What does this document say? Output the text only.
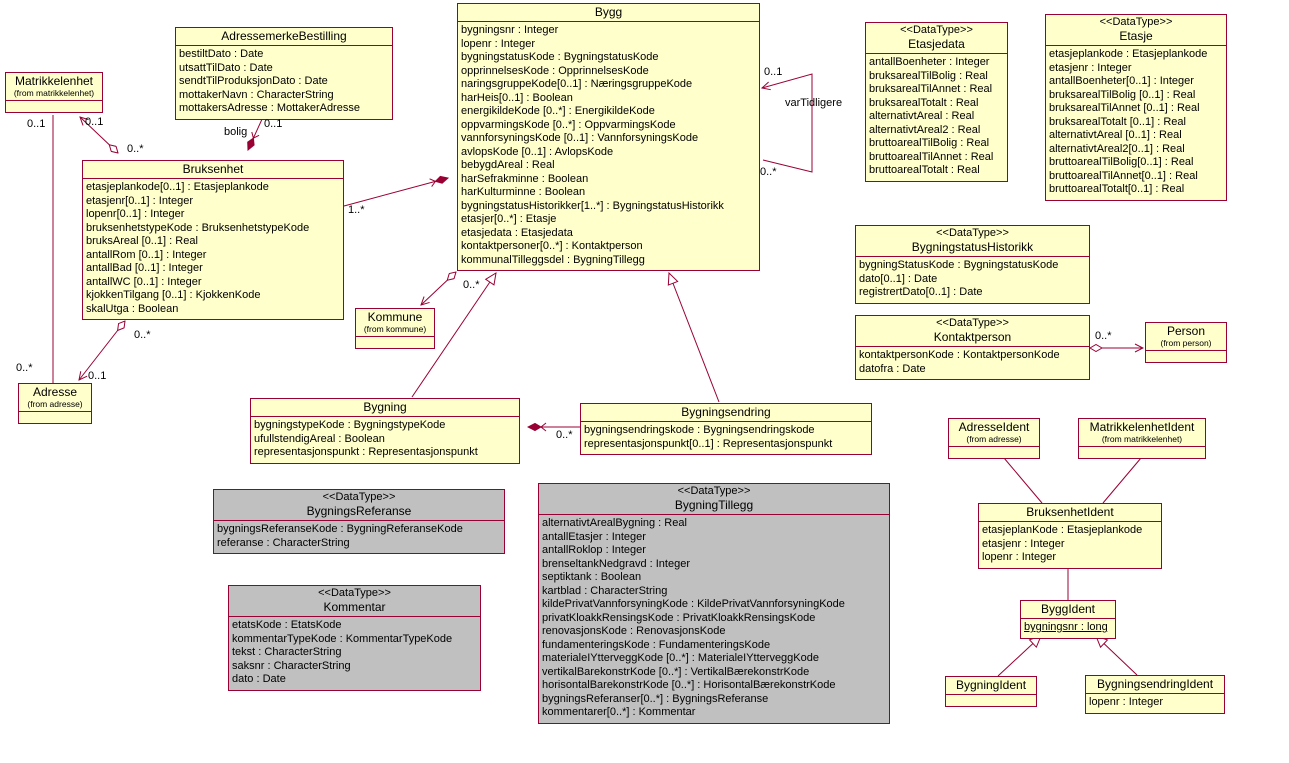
Matrikkelenhet
(from matrikkelenhet)
AdressemerkeBestilling
bestiltDato : Date
utsattTilDato : Date
sendtTilProduksjonDato : Date
mottakerNavn : CharacterString
mottakersAdresse : MottakerAdresse
Bygg
bygningsnr : Integer
lopenr : Integer
bygningstatusKode : BygningstatusKode
opprinnelsesKode : OpprinnelsesKode
naringsgruppeKode[0..1] : NæringsgruppeKode
harHeis[0..1] : Boolean
energikildeKode [0..*] : EnergikildeKode
oppvarmingsKode [0..*] : OppvarmingsKode
vannforsyningsKode [0..1] : VannforsyningsKode
avlopsKode [0..1] : AvlopsKode
bebygdAreal : Real
harSefrakminne : Boolean
harKulturminne : Boolean
bygningstatusHistorikker[1..*] : BygningstatusHistorikk
etasjer[0..*] : Etasje
etasjedata : Etasjedata
kontaktpersoner[0..*] : Kontaktperson
kommunalTilleggsdel : BygningTillegg
<<DataType>>
Etasjedata
antallBoenheter : Integer
bruksarealTilBolig : Real
bruksarealTilAnnet : Real
bruksarealTotalt : Real
alternativtAreal : Real
alternativtAreal2 : Real
bruttoarealTilBolig : Real
bruttoarealTilAnnet : Real
bruttoarealTotalt : Real
<<DataType>>
Etasje
etasjeplankode : Etasjeplankode
etasjenr : Integer
antallBoenheter[0..1] : Integer
bruksarealTilBolig [0..1] : Real
bruksarealTilAnnet [0..1] : Real
bruksarealTotalt [0..1] : Real
alternativtAreal [0..1] : Real
alternativtAreal2[0..1] : Real
bruttoarealTilBolig[0..1] : Real
bruttoarealTilAnnet[0..1] : Real
bruttoarealTotalt[0..1] : Real
Bruksenhet
etasjeplankode[0..1] : Etasjeplankode
etasjenr[0..1] : Integer
lopenr[0..1] : Integer
bruksenhetstypeKode : BruksenhetstypeKode
bruksAreal [0..1] : Real
antallRom [0..1] : Integer
antallBad [0..1] : Integer
antallWC [0..1] : Integer
kjokkenTilgang [0..1] : KjokkenKode
skalUtga : Boolean
<<DataType>>
BygningstatusHistorikk
bygningStatusKode : BygningstatusKode
dato[0..1] : Date
registrertDato[0..1] : Date
<<DataType>>
Kontaktperson
kontaktpersonKode : KontaktpersonKode
datofra : Date
Person
(from person)
Kommune
(from kommune)
Bygning
bygningstypeKode : BygningstypeKode
ufullstendigAreal : Boolean
representasjonspunkt : Representasjonspunkt
Bygningsendring
bygningsendringskode : Bygningsendringskode
representasjonspunkt[0..1] : Representasjonspunkt
<<DataType>>
BygningsReferanse
bygningsReferanseKode : BygningReferanseKode
referanse : CharacterString
<<DataType>>
Kommentar
etatsKode : EtatsKode
kommentarTypeKode : KommentarTypeKode
tekst : CharacterString
saksnr : CharacterString
dato : Date
<<DataType>>
BygningTillegg
alternativtArealBygning : Real
antallEtasjer : Integer
antallRoklop : Integer
brenseltankNedgravd : Integer
septiktank : Boolean
kartblad : CharacterString
kildePrivatVannforsyningKode : KildePrivatVannforsyningKode
privatKloakkRensingsKode : PrivatKloakkRensingsKode
renovasjonsKode : RenovasjonsKode
fundamenteringsKode : FundamenteringsKode
materialeIYtterveggKode [0..*] : MaterialeIYtterveggKode
vertikalBarekonstrKode [0..*] : VertikalBærekonstrKode
horisontalBarekonstrKode [0..*] : HorisontalBærekonstrKode
bygningsReferanser[0..*] : BygningsReferanse
kommentarer[0..*] : Kommentar
Adresse
(from adresse)
AdresseIdent
(from adresse)
MatrikkelenhetIdent
(from matrikkelenhet)
BruksenhetIdent
etasjeplanKode : Etasjeplankode
etasjenr : Integer
lopenr : Integer
ByggIdent
bygningsnr : long
BygningIdent	BygningsendringIdent
lopenr : Integer
0..1
0..*
0..*
0..1
bolig
0..1
1..*
0..*
0..*
0..1
varTidligere
0..*
0..*
0..*
0..1
